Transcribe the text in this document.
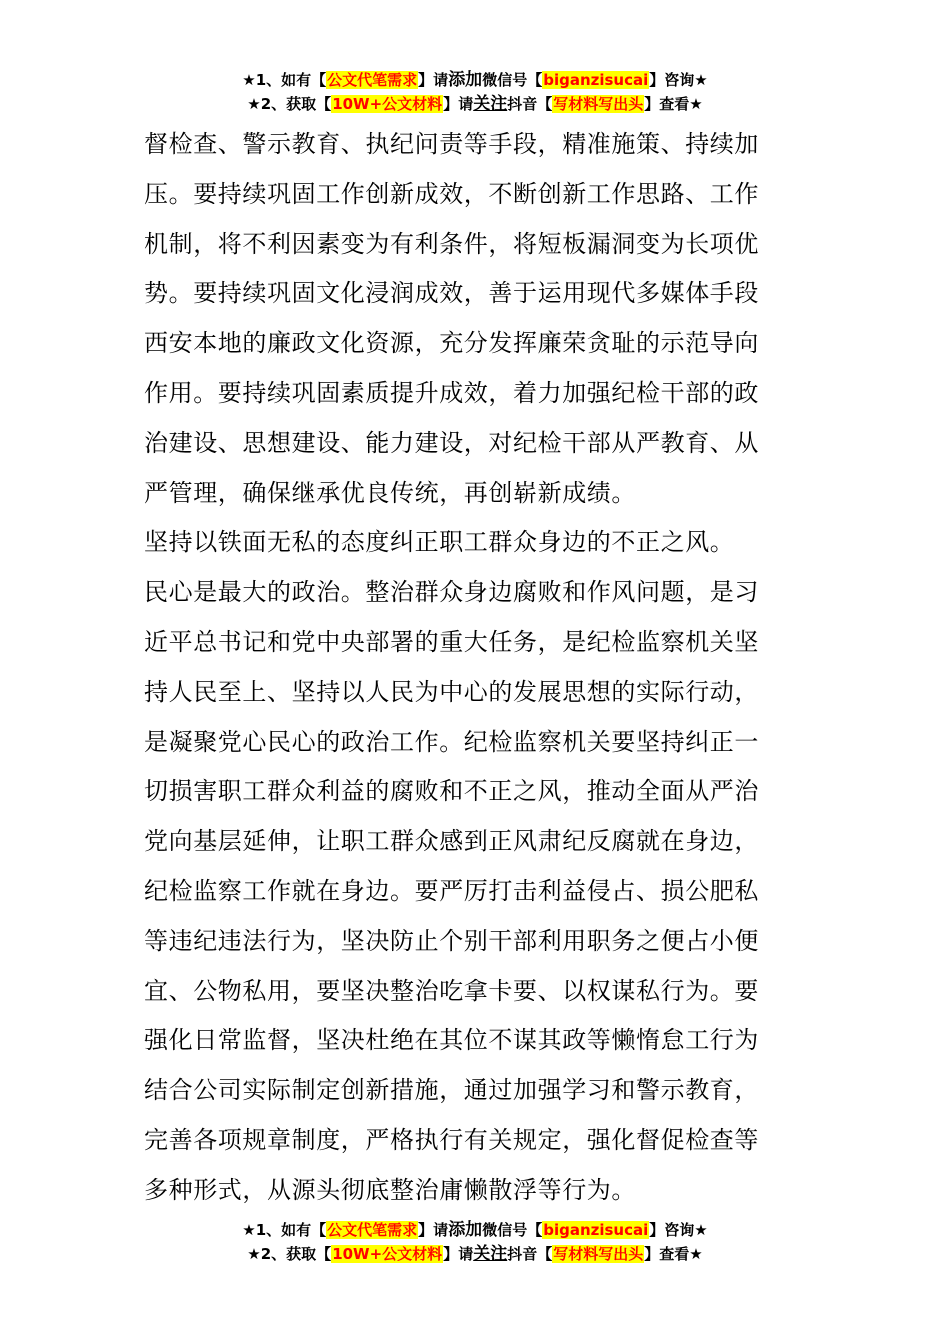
★1、如有【公文代笔需求】请添加微信号【biganzisucai】咨询★
★2、获取【10W+公文材料】请关注抖音【写材料写出头】查看★

督检查、警示教育、执纪问责等手段，精准施策、持续加

压。要持续巩固工作创新成效，不断创新工作思路、工作

机制，将不利因素变为有利条件，将短板漏洞变为长项优

势。要持续巩固文化浸润成效，善于运用现代多媒体手段

西安本地的廉政文化资源，充分发挥廉荣贪耻的示范导向

作用。要持续巩固素质提升成效，着力加强纪检干部的政

治建设、思想建设、能力建设，对纪检干部从严教育、从

严管理，确保继承优良传统，再创崭新成绩。

坚持以铁面无私的态度纠正职工群众身边的不正之风。

民心是最大的政治。整治群众身边腐败和作风问题，是习

近平总书记和党中央部署的重大任务，是纪检监察机关坚

持人民至上、坚持以人民为中心的发展思想的实际行动，

是凝聚党心民心的政治工作。纪检监察机关要坚持纠正一

切损害职工群众利益的腐败和不正之风，推动全面从严治

党向基层延伸，让职工群众感到正风肃纪反腐就在身边，

纪检监察工作就在身边。要严厉打击利益侵占、损公肥私

等违纪违法行为，坚决防止个别干部利用职务之便占小便

宜、公物私用，要坚决整治吃拿卡要、以权谋私行为。要

强化日常监督，坚决杜绝在其位不谋其政等懒惰怠工行为

结合公司实际制定创新措施，通过加强学习和警示教育，

完善各项规章制度，严格执行有关规定，强化督促检查等

多种形式，从源头彻底整治庸懒散浮等行为。

★1、如有【公文代笔需求】请添加微信号【biganzisucai】咨询★
★2、获取【10W+公文材料】请关注抖音【写材料写出头】查看★
